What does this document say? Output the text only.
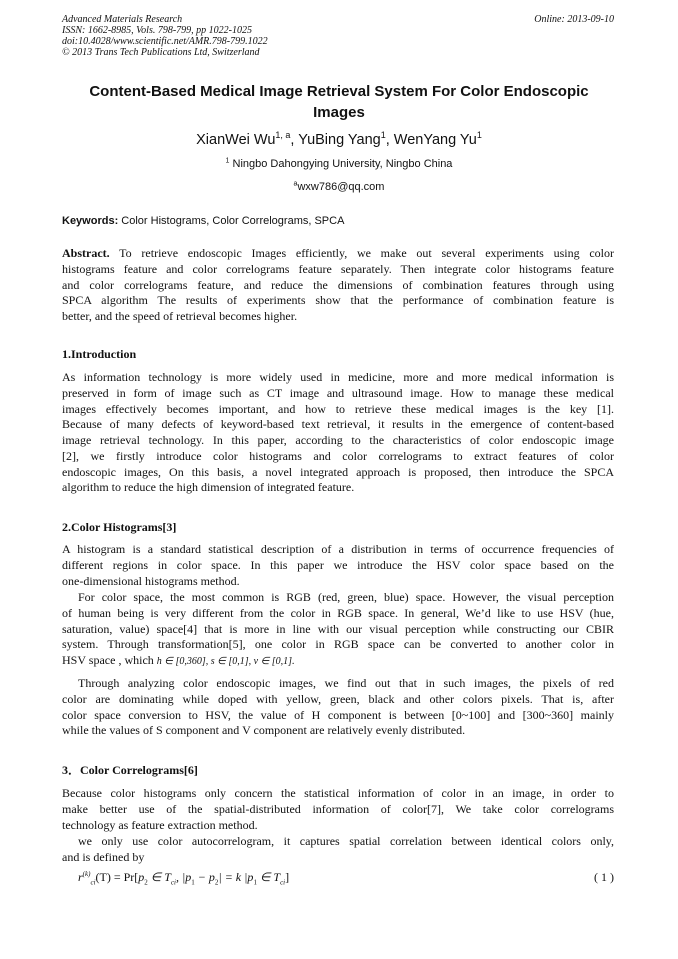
Advanced Materials Research
ISSN: 1662-8985, Vols. 798-799, pp 1022-1025
doi:10.4028/www.scientific.net/AMR.798-799.1022
© 2013 Trans Tech Publications Ltd, Switzerland
Online: 2013-09-10
Content-Based Medical Image Retrieval System For Color Endoscopic
Images
XianWei Wu$^{1, a}$, YuBing Yang$^1$, WenYang Yu$^1$
$^1$ Ningbo Dahongying University, Ningbo China
$^a$wxw786@qq.com
Keywords: Color Histograms, Color Correlograms, SPCA
Abstract. To retrieve endoscopic Images efficiently, we make out several experiments using color
histograms feature and color correlograms feature separately. Then integrate color histograms feature
and color correlograms feature, and reduce the dimensions of combination features through using
SPCA algorithm The results of experiments show that the performance of combination feature is
better, and the speed of retrieval becomes higher.
1.Introduction
As information technology is more widely used in medicine, more and more medical information is
preserved in form of image such as CT image and ultrasound image. How to manage these medical
images effectively becomes important, and how to retrieve these medical images is the key [1].
Because of many defects of keyword-based text retrieval, it results in the emergence of content-based
image retrieval technology. In this paper, according to the characteristics of color endoscopic image
[2], we firstly introduce color histograms and color correlograms to extract features of color
endoscopic images, On this basis, a novel integrated approach is proposed, then introduce the SPCA
algorithm to reduce the high dimension of integrated feature.
2.Color Histograms[3]
A histogram is a standard statistical description of a distribution in terms of occurrence frequencies of
different regions in color space. In this paper we introduce the HSV color space based on the
one-dimensional histograms method.
For color space, the most common is RGB (red, green, blue) space. However, the visual perception
of human being is very different from the color in RGB space. In general, We’d like to use HSV (hue,
saturation, value) space[4] that is more in line with our visual perception while constructing our CBIR
system. Through transformation[5], one color in RGB space can be converted to another color in
HSV space , which h ∈ [0,360], s ∈ [0,1], v ∈ [0,1].
Through analyzing color endoscopic images, we find out that in such images, the pixels of red
color are dominating while doped with yellow, green, black and other colors pixels. That is, after
color space conversion to HSV, the value of H component is between [0~100] and [300~360] mainly
while the values of S component and V component are relatively evenly distributed.
3．Color Correlograms[6]
Because color histograms only concern the statistical information of color in an image, in order to
make better use of the spatial-distributed information of color[7], We take color correlograms
technology as feature extraction method.
we only use color autocorrelogram, it captures spatial correlation between identical colors only,
and is defined by
$r^{(k)}_{ci}(T) = Pr[p_2$ ∈ $T_{ci}$, $|p_1 - p_2| = k$ $|p_1$ ∈ $T_{ci}$]	( 1 )
